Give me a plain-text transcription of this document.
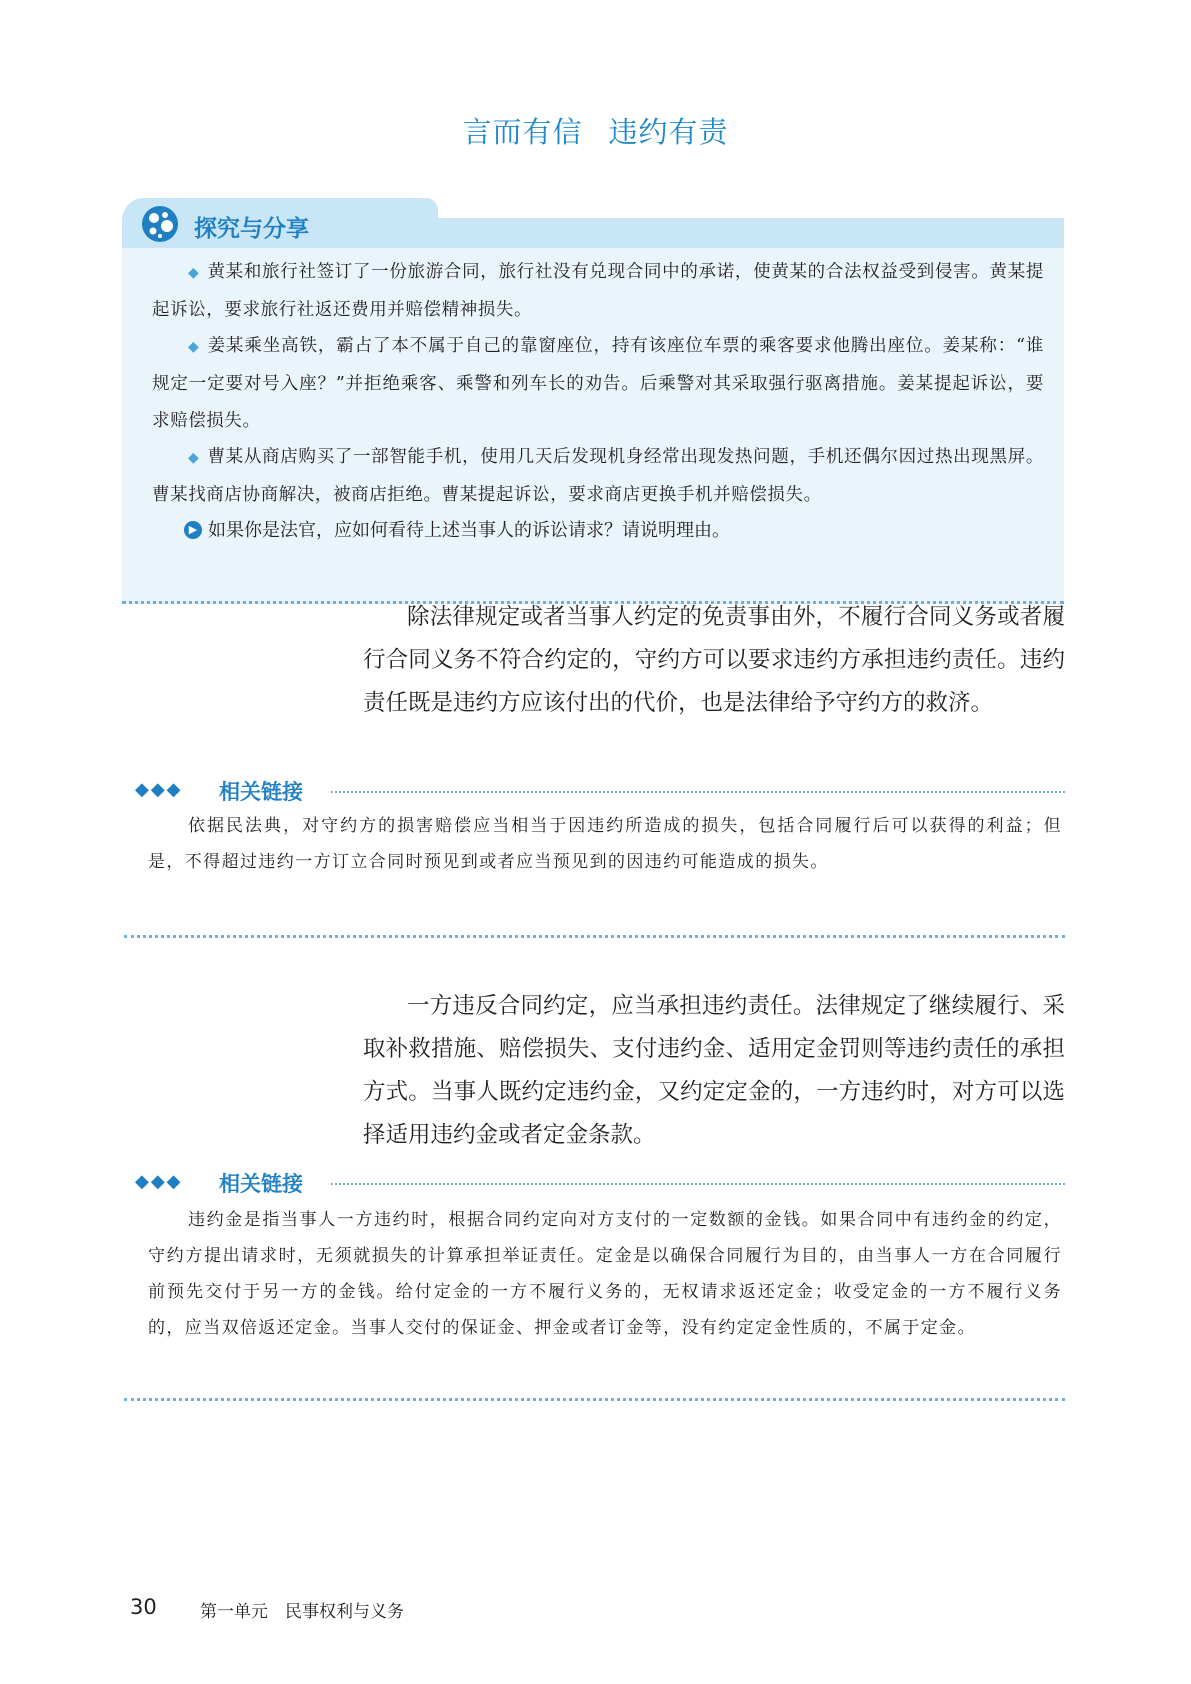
言而有信 违约有责
◆ 黄某和旅行社签订了一份旅游合同，旅行社没有兑现合同中的承诺，使黄某的合法权益受到侵害。黄某提起诉讼，要求旅行社返还费用并赔偿精神损失。
◆ 姜某乘坐高铁，霸占了本不属于自己的靠窗座位，持有该座位车票的乘客要求他腾出座位。姜某称：“谁规定一定要对号入座？”并拒绝乘客、乘警和列车长的劝告。后乘警对其采取强行驱离措施。姜某提起诉讼，要求赔偿损失。
◆ 曹某从商店购买了一部智能手机，使用几天后发现机身经常出现发热问题，手机还偶尔因过热出现黑屏。曹某找商店协商解决，被商店拒绝。曹某提起诉讼，要求商店更换手机并赔偿损失。
▶ 如果你是法官，应如何看待上述当事人的诉讼请求？请说明理由。
探究与分享
除法律规定或者当事人约定的免责事由外，不履行合同义务或者履行合同义务不符合约定的，守约方可以要求违约方承担违约责任。违约责任既是违约方应该付出的代价，也是法律给予守约方的救济。
◆◆◆ 相关链接
依据民法典，对守约方的损害赔偿应当相当于因违约所造成的损失，包括合同履行后可以获得的利益；但是，不得超过违约一方订立合同时预见到或者应当预见到的因违约可能造成的损失。
一方违反合同约定，应当承担违约责任。法律规定了继续履行、采取补救措施、赔偿损失、支付违约金、适用定金罚则等违约责任的承担方式。当事人既约定违约金，又约定定金的，一方违约时，对方可以选择适用违约金或者定金条款。
◆◆◆ 相关链接
违约金是指当事人一方违约时，根据合同约定向对方支付的一定数额的金钱。如果合同中有违约金的约定，守约方提出请求时，无须就损失的计算承担举证责任。定金是以确保合同履行为目的，由当事人一方在合同履行前预先交付于另一方的金钱。给付定金的一方不履行义务的，无权请求返还定金；收受定金的一方不履行义务的，应当双倍返还定金。当事人交付的保证金、押金或者订金等，没有约定定金性质的，不属于定金。
30	第一单元　民事权利与义务
